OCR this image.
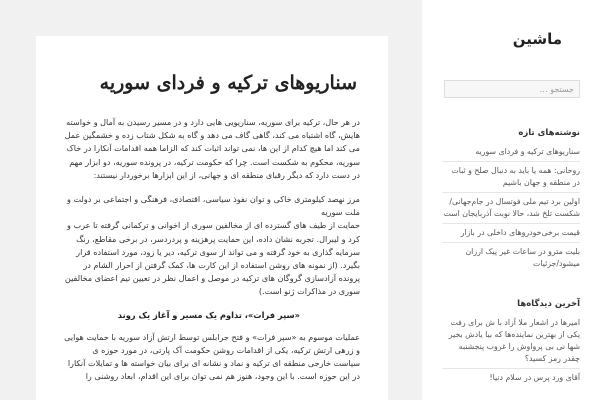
سناریوهای ترکیه و فردای سوریه

در هر حال، ترکیه برای سوریه، سناریویی هایی دارد و در مسیر رسیدن به آمال و خواسته هایش، گاه اشتباه می کند، گاهی گاف می دهد و گاه به شکل شتاب زده و خشمگین عمل می کند اما هیچ کدام از این ها، نمی تواند اثبات کند که الزاما همه اقدامات آنکارا در خاک سوریه، محکوم به شکست است. چرا که حکومت ترکیه، در پرونده سوریه، دو ابزار مهم در دست دارد که دیگر رقبای منطقه ای و جهانی، از این ابزارها برخوردار نیستند:

مرز نهصد کیلومتری خاکی و توان نفوذ سیاسی، اقتصادی، فرهنگی و اجتماعی بر دولت و ملت سوریه

حمایت از طیف های گسترده ای از مخالفین سوری از اخوانی و ترکمانی گرفته تا عرب و کرد و لیبرال. تجربه نشان داده، این حمایت پرهزینه و پردردسر، در برخی مقاطع، رنگ سرمایه گذاری به خود گرفته و می تواند از سوی ترکیه، دیر یا زود، مورد استفاده قرار بگیرد. (از نمونه های روشن استفاده از این کارت ها، کمک گرفتن از احرار الشام در پرونده آزادسازی گروگان های ترکیه در موصل و اعمال نظر در تعیین تیم اعضای مخالفین سوری در مذاکرات ژنو است.)

«سپر فرات»، تداوم یک مسیر و آغاز یک روند

عملیات موسوم به «سپر فرات» و فتح جرابلس توسط ارتش آزاد سوریه با حمایت هوایی و زرهی ارتش ترکیه، یکی از اقدامات روشن حکومت آک پارتی، در مورد حوزه ی سیاست خارجی منطقه ای ترکیه و نماد و نشانه ای برای بیان خواسته ها و تمایلات آنکارا در این حوزه است. با این وجود، هنوز هم نمی توان برای این اقدام، ابعاد روشنی را

ماشین
جستجو …
نوشته‌های تازه
سناریوهای ترکیه و فردای سوریه
روحانی: همه یا باید به دنبال صلح و ثبات در منطقه و جهان باشیم
اولین برد تیم ملی فوتسال در جام‌جهانی/شکست تلخ شد، حالا نوبت آذربایجان است
قیمت برخی‌خودروهای داخلی در بازار
بلیت مترو در ساعات غیر پیک ارزان میشود/جزئیات
آخرین دیدگاه‌ها
امیرها در اشعار ملا آزاد با ش برای رفت یکی از بهترین نماینده‌ها که بیا یادش بخیر شها نی بی پرواوش را غروب پنجشنبه چقدر رمز کسید؟
آقای ورد پرس در سلام دنیا!
